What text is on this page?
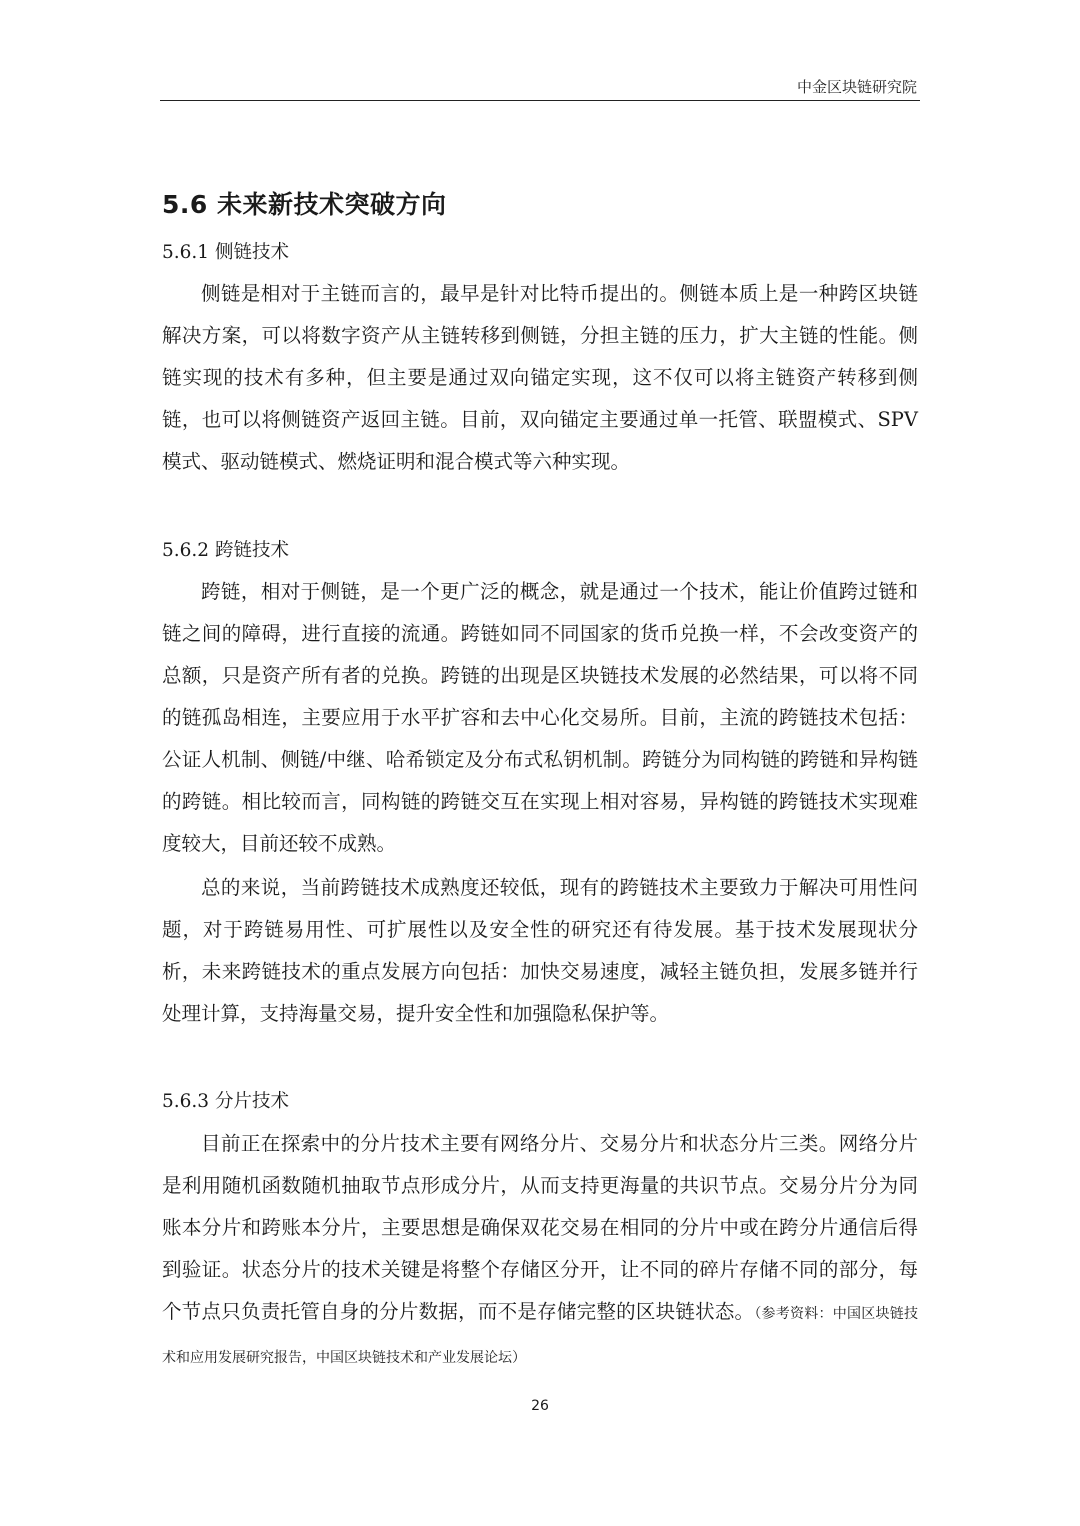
中金区块链研究院
5.6 未来新技术突破方向
5.6.1 侧链技术

侧链是相对于主链而言的，最早是针对比特币提出的。侧链本质上是一种跨区块链解决方案，可以将数字资产从主链转移到侧链，分担主链的压力，扩大主链的性能。侧链实现的技术有多种，但主要是通过双向锚定实现，这不仅可以将主链资产转移到侧链，也可以将侧链资产返回主链。目前，双向锚定主要通过单一托管、联盟模式、SPV 模式、驱动链模式、燃烧证明和混合模式等六种实现。

5.6.2 跨链技术

跨链，相对于侧链，是一个更广泛的概念，就是通过一个技术，能让价值跨过链和链之间的障碍，进行直接的流通。跨链如同不同国家的货币兑换一样，不会改变资产的总额，只是资产所有者的兑换。跨链的出现是区块链技术发展的必然结果，可以将不同的链孤岛相连，主要应用于水平扩容和去中心化交易所。目前，主流的跨链技术包括：公证人机制、侧链/中继、哈希锁定及分布式私钥机制。跨链分为同构链的跨链和异构链的跨链。相比较而言，同构链的跨链交互在实现上相对容易，异构链的跨链技术实现难度较大，目前还较不成熟。

总的来说，当前跨链技术成熟度还较低，现有的跨链技术主要致力于解决可用性问题，对于跨链易用性、可扩展性以及安全性的研究还有待发展。基于技术发展现状分析，未来跨链技术的重点发展方向包括：加快交易速度，减轻主链负担，发展多链并行处理计算，支持海量交易，提升安全性和加强隐私保护等。

5.6.3 分片技术

目前正在探索中的分片技术主要有网络分片、交易分片和状态分片三类。网络分片是利用随机函数随机抽取节点形成分片，从而支持更海量的共识节点。交易分片分为同账本分片和跨账本分片，主要思想是确保双花交易在相同的分片中或在跨分片通信后得到验证。状态分片的技术关键是将整个存储区分开，让不同的碎片存储不同的部分，每个节点只负责托管自身的分片数据，而不是存储完整的区块链状态。（参考资料：中国区块链技术和应用发展研究报告，中国区块链技术和产业发展论坛）

26
